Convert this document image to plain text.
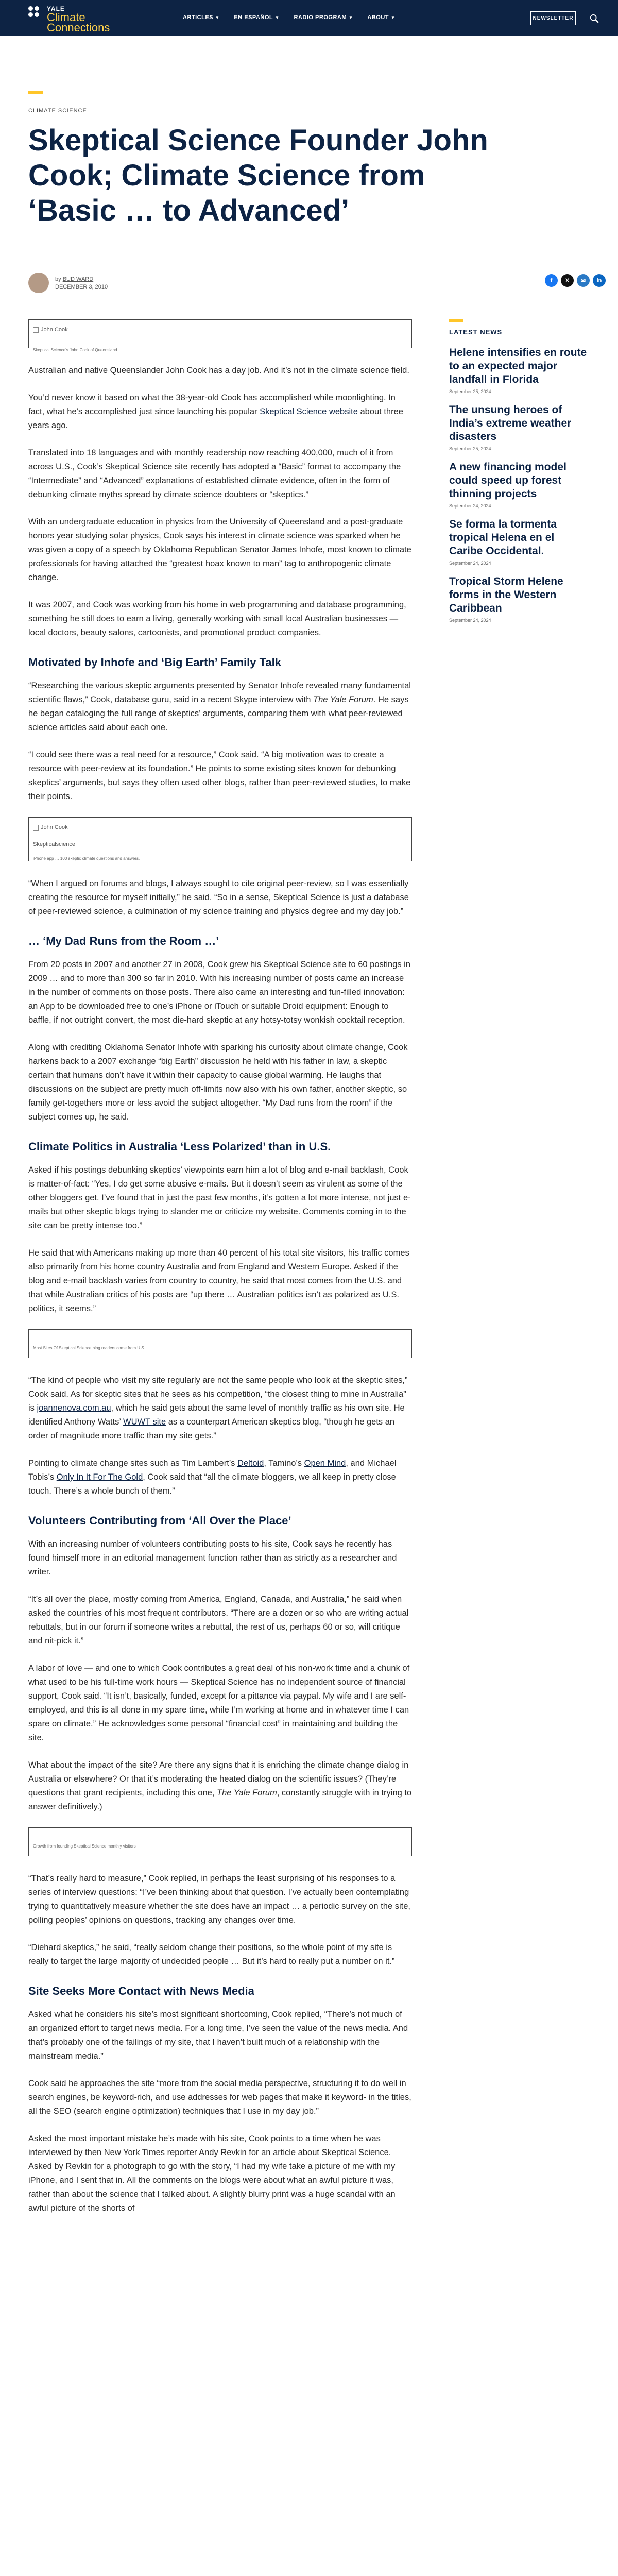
YALE
Climate
Connections
ARTICLES ▼	EN ESPAÑOL ▼	RADIO PROGRAM ▼	ABOUT ▼	NEWSLETTER
CLIMATE SCIENCE
Skeptical Science Founder John Cook; Climate Science from ‘Basic … to Advanced’
by BUD WARD
DECEMBER 3, 2010
f	X	✉	in
John Cook
Skeptical Science’s John Cook of Queensland.

Australian and native Queenslander John Cook has a day job. And it’s not in the climate science field.

You’d never know it based on what the 38-year-old Cook has accomplished while moonlighting. In fact, what he’s accomplished just since launching his popular Skeptical Science website about three years ago.

Translated into 18 languages and with monthly readership now reaching 400,000, much of it from across U.S., Cook’s Skeptical Science site recently has adopted a “Basic” format to accompany the “Intermediate” and “Advanced” explanations of established climate evidence, often in the form of debunking climate myths spread by climate science doubters or “skeptics.”

With an undergraduate education in physics from the University of Queensland and a post-graduate honors year studying solar physics, Cook says his interest in climate science was sparked when he was given a copy of a speech by Oklahoma Republican Senator James Inhofe, most known to climate professionals for having attached the “greatest hoax known to man” tag to anthropogenic climate change.

It was 2007, and Cook was working from his home in web programming and database programming, something he still does to earn a living, generally working with small local Australian businesses — local doctors, beauty salons, cartoonists, and promotional product companies.

Motivated by Inhofe and ‘Big Earth’ Family Talk

“Researching the various skeptic arguments presented by Senator Inhofe revealed many fundamental scientific flaws,” Cook, database guru, said in a recent Skype interview with The Yale Forum. He says he began cataloging the full range of skeptics’ arguments, comparing them with what peer-reviewed science articles said about each one.

“I could see there was a real need for a resource,” Cook said. “A big motivation was to create a resource with peer-review at its foundation.” He points to some existing sites known for debunking skeptics’ arguments, but says they often used other blogs, rather than peer-reviewed studies, to make their points.

John Cook
Skepticalscience
iPhone app … 100 skeptic climate questions and answers.

“When I argued on forums and blogs, I always sought to cite original peer-review, so I was essentially creating the resource for myself initially,” he said. “So in a sense, Skeptical Science is just a database of peer-reviewed science, a culmination of my science training and physics degree and my day job.”

… ‘My Dad Runs from the Room …’

From 20 posts in 2007 and another 27 in 2008, Cook grew his Skeptical Science site to 60 postings in 2009 … and to more than 300 so far in 2010. With his increasing number of posts came an increase in the number of comments on those posts. There also came an interesting and fun-filled innovation: an App to be downloaded free to one’s iPhone or iTouch or suitable Droid equipment: Enough to baffle, if not outright convert, the most die-hard skeptic at any hotsy-totsy wonkish cocktail reception.

Along with crediting Oklahoma Senator Inhofe with sparking his curiosity about climate change, Cook harkens back to a 2007 exchange “big Earth” discussion he held with his father in law, a skeptic certain that humans don’t have it within their capacity to cause global warming. He laughs that discussions on the subject are pretty much off-limits now also with his own father, another skeptic, so family get-togethers more or less avoid the subject altogether. “My Dad runs from the room” if the subject comes up, he said.

Climate Politics in Australia ‘Less Polarized’ than in U.S.

Asked if his postings debunking skeptics’ viewpoints earn him a lot of blog and e-mail backlash, Cook is matter-of-fact: “Yes, I do get some abusive e-mails. But it doesn’t seem as virulent as some of the other bloggers get. I’ve found that in just the past few months, it’s gotten a lot more intense, not just e-mails but other skeptic blogs trying to slander me or criticize my website. Comments coming in to the site can be pretty intense too.”

He said that with Americans making up more than 40 percent of his total site visitors, his traffic comes also primarily from his home country Australia and from England and Western Europe. Asked if the blog and e-mail backlash varies from country to country, he said that most comes from the U.S. and that while Australian critics of his posts are “up there … Australian politics isn’t as polarized as U.S. politics, it seems.”

Most Sites Of Skeptical Science blog readers come from U.S.

“The kind of people who visit my site regularly are not the same people who look at the skeptic sites,” Cook said. As for skeptic sites that he sees as his competition, “the closest thing to mine in Australia” is joannenova.com.au, which he said gets about the same level of monthly traffic as his own site. He identified Anthony Watts’ WUWT site as a counterpart American skeptics blog, “though he gets an order of magnitude more traffic than my site gets.”

Pointing to climate change sites such as Tim Lambert’s Deltoid, Tamino’s Open Mind, and Michael Tobis’s Only In It For The Gold, Cook said that “all the climate bloggers, we all keep in pretty close touch. There’s a whole bunch of them.”

Volunteers Contributing from ‘All Over the Place’

With an increasing number of volunteers contributing posts to his site, Cook says he recently has found himself more in an editorial management function rather than as strictly as a researcher and writer.

“It’s all over the place, mostly coming from America, England, Canada, and Australia,” he said when asked the countries of his most frequent contributors. “There are a dozen or so who are writing actual rebuttals, but in our forum if someone writes a rebuttal, the rest of us, perhaps 60 or so, will critique and nit-pick it.”

A labor of love — and one to which Cook contributes a great deal of his non-work time and a chunk of what used to be his full-time work hours — Skeptical Science has no independent source of financial support, Cook said. “It isn’t, basically, funded, except for a pittance via paypal. My wife and I are self-employed, and this is all done in my spare time, while I’m working at home and in whatever time I can spare on climate.” He acknowledges some personal “financial cost” in maintaining and building the site.

What about the impact of the site? Are there any signs that it is enriching the climate change dialog in Australia or elsewhere? Or that it’s moderating the heated dialog on the scientific issues? (They’re questions that grant recipients, including this one, The Yale Forum, constantly struggle with in trying to answer definitively.)

Growth from founding Skeptical Science monthly visitors

“That’s really hard to measure,” Cook replied, in perhaps the least surprising of his responses to a series of interview questions: “I’ve been thinking about that question. I’ve actually been contemplating trying to quantitatively measure whether the site does have an impact … a periodic survey on the site, polling peoples’ opinions on questions, tracking any changes over time.

“Diehard skeptics,” he said, “really seldom change their positions, so the whole point of my site is really to target the large majority of undecided people … But it’s hard to really put a number on it.”

Site Seeks More Contact with News Media

Asked what he considers his site’s most significant shortcoming, Cook replied, “There’s not much of an organized effort to target news media. For a long time, I’ve seen the value of the news media. And that’s probably one of the failings of my site, that I haven’t built much of a relationship with the mainstream media.”

Cook said he approaches the site “more from the social media perspective, structuring it to do well in search engines, be keyword-rich, and use addresses for web pages that make it keyword- in the titles, all the SEO (search engine optimization) techniques that I use in my day job.”

Asked the most important mistake he’s made with his site, Cook points to a time when he was interviewed by then New York Times reporter Andy Revkin for an article about Skeptical Science. Asked by Revkin for a photograph to go with the story, “I had my wife take a picture of me with my iPhone, and I sent that in. All the comments on the blogs were about what an awful picture it was, rather than about the science that I talked about. A slightly blurry print was a huge scandal with an awful picture of the shorts of

LATEST NEWS
Helene intensifies en route to an expected major landfall in Florida
September 25, 2024
The unsung heroes of India’s extreme weather disasters
September 25, 2024
A new financing model could speed up forest thinning projects
September 24, 2024
Se forma la tormenta tropical Helena en el Caribe Occidental.
September 24, 2024
Tropical Storm Helene forms in the Western Caribbean
September 24, 2024
